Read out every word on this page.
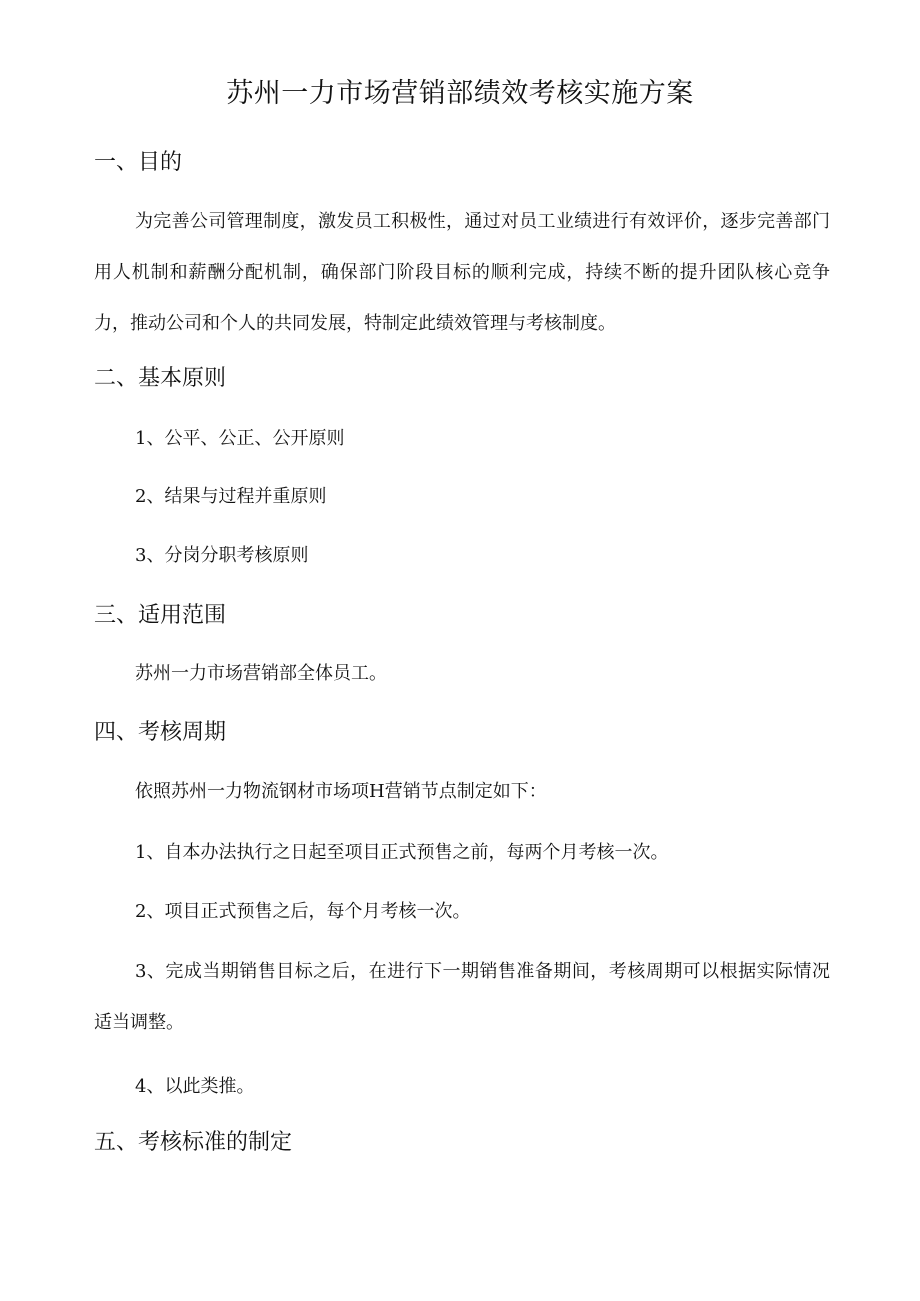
苏州一力市场营销部绩效考核实施方案
一、目的
为完善公司管理制度，激发员工积极性，通过对员工业绩进行有效评价，逐步完善部门用人机制和薪酬分配机制，确保部门阶段目标的顺利完成，持续不断的提升团队核心竞争力，推动公司和个人的共同发展，特制定此绩效管理与考核制度。
二、基本原则
1、公平、公正、公开原则
2、结果与过程并重原则
3、分岗分职考核原则
三、适用范围
苏州一力市场营销部全体员工。
四、考核周期
依照苏州一力物流钢材市场项H营销节点制定如下：
1、自本办法执行之日起至项目正式预售之前，每两个月考核一次。
2、项目正式预售之后，每个月考核一次。
3、完成当期销售目标之后，在进行下一期销售准备期间，考核周期可以根据实际情况适当调整。
4、以此类推。
五、考核标准的制定
